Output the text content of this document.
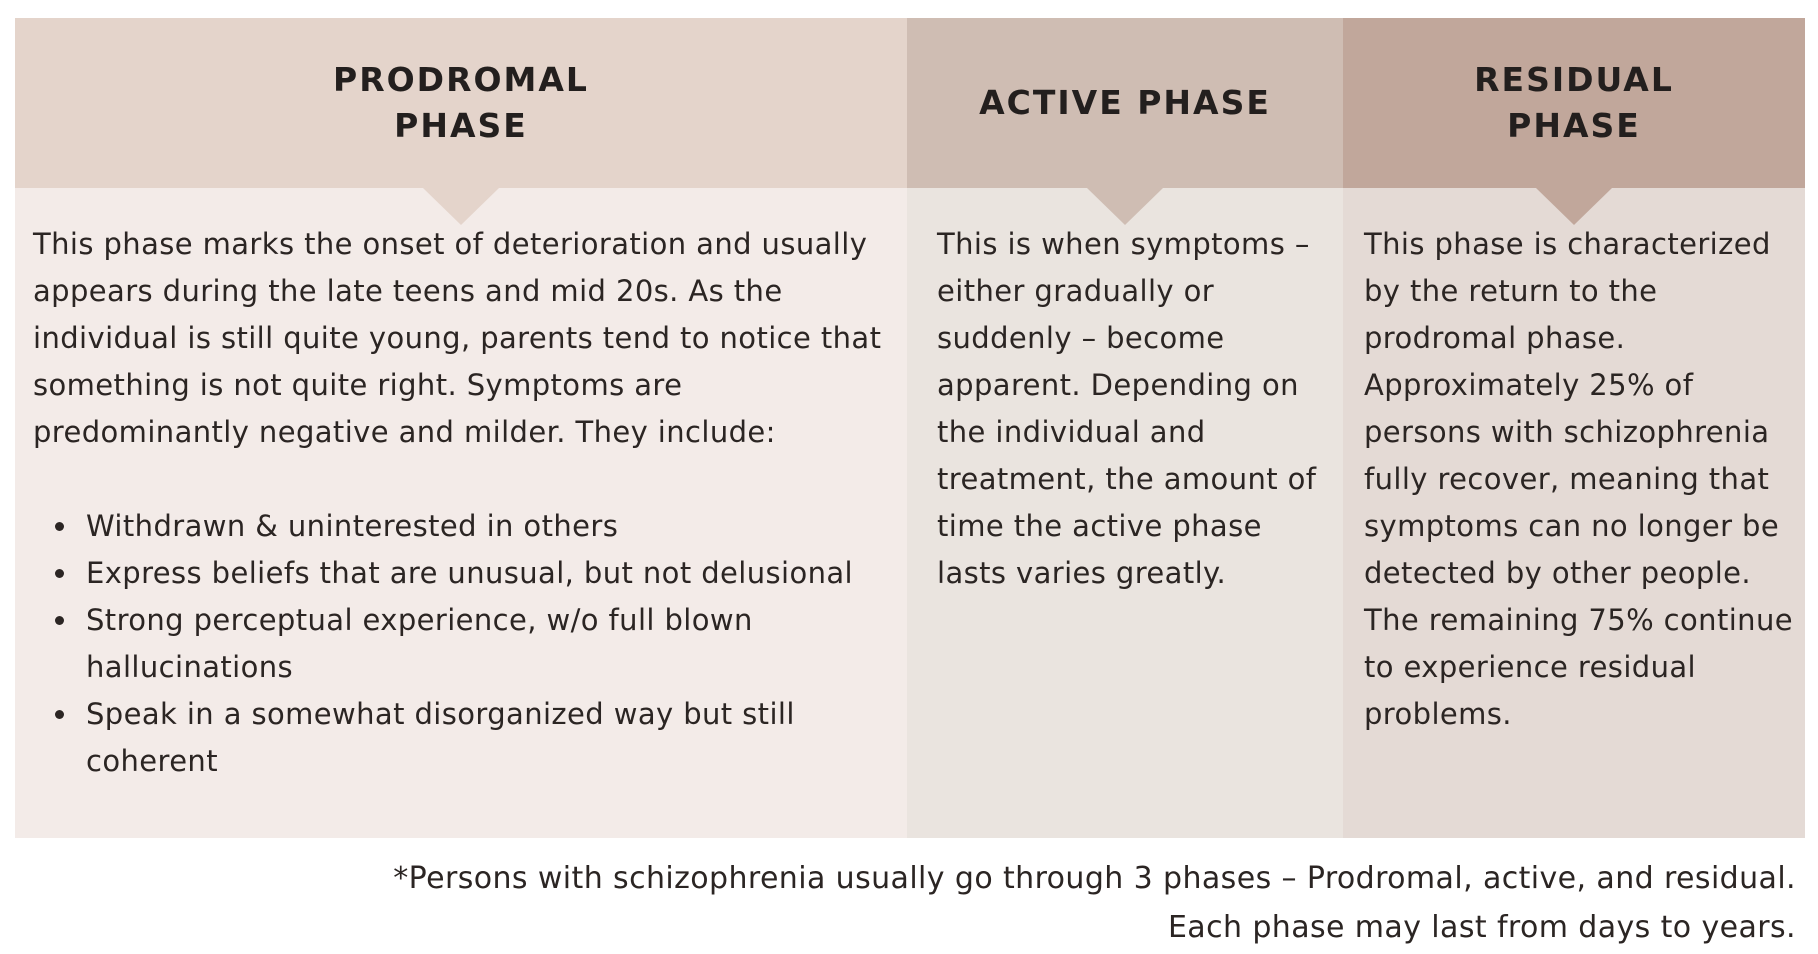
PRODROMAL
PHASE

This phase marks the onset of deterioration and usually appears during the late teens and mid 20s. As the individual is still quite young, parents tend to notice that something is not quite right. Symptoms are predominantly negative and milder. They include:

Withdrawn & uninterested in others
Express beliefs that are unusual, but not delusional
Strong perceptual experience, w/o full blown hallucinations
Speak in a somewhat disorganized way but still coherent
ACTIVE PHASE

This is when symptoms – either gradually or suddenly – become apparent. Depending on the individual and treatment, the amount of time the active phase lasts varies greatly.

RESIDUAL
PHASE

This phase is characterized by the return to the prodromal phase. Approximately 25% of persons with schizophrenia fully recover, meaning that symptoms can no longer be detected by other people. The remaining 75% continue to experience residual problems.

*Persons with schizophrenia usually go through 3 phases – Prodromal, active, and residual.
Each phase may last from days to years.
